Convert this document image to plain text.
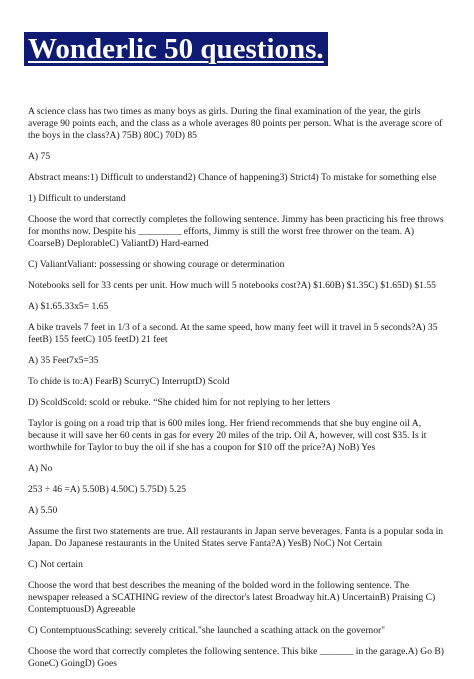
Wonderlic 50 questions.

A science class has two times as many boys as girls. During the final examination of the year, the girls average 90 points each, and the class as a whole averages 80 points per person. What is the average score of the boys in the class?A) 75B) 80C) 70D) 85

A) 75

Abstract means:1) Difficult to understand2) Chance of happening3) Strict4) To mistake for something else

1) Difficult to understand

Choose the word that correctly completes the following sentence. Jimmy has been practicing his free throws for months now. Despite his _________ efforts, Jimmy is still the worst free thrower on the team. A) CoarseB) DeplorableC) ValiantD) Hard-earned

C) ValiantValiant: possessing or showing courage or determination

Notebooks sell for 33 cents per unit. How much will 5 notebooks cost?A) $1.60B) $1.35C) $1.65D) $1.55

A) $1.65.33x5= 1.65

A bike travels 7 feet in 1/3 of a second. At the same speed, how many feet will it travel in 5 seconds?A) 35 feetB) 155 feetC) 105 feetD) 21 feet

A) 35 Feet7x5=35

To chide is to:A) FearB) ScurryC) InterruptD) Scold

D) ScoldScold: scold or rebuke. “She chided him for not replying to her letters

Taylor is going on a road trip that is 600 miles long. Her friend recommends that she buy engine oil A, because it will save her 60 cents in gas for every 20 miles of the trip. Oil A, however, will cost $35. Is it worthwhile for Taylor to buy the oil if she has a coupon for $10 off the price?A) NoB) Yes

A) No

253 ÷ 46 =A) 5.50B) 4.50C) 5.75D) 5.25

A) 5.50

Assume the first two statements are true. All restaurants in Japan serve beverages. Fanta is a popular soda in Japan. Do Japanese restaurants in the United States serve Fanta?A) YesB) NoC) Not Certain

C) Not certain

Choose the word that best describes the meaning of the bolded word in the following sentence. The newspaper released a SCATHING review of the director's latest Broadway hit.A) UncertainB) Praising C) ContemptuousD) Agreeable

C) ContemptuousScathing: severely critical."she launched a scathing attack on the governor"

Choose the word that correctly completes the following sentence. This bike _______ in the garage.A) Go B) GoneC) GoingD) Goes
